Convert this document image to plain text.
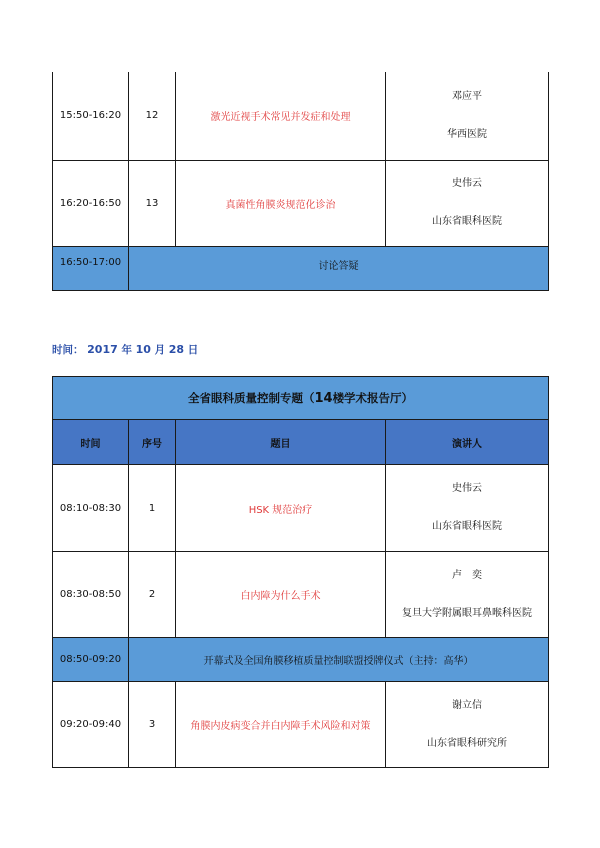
15:50-16:20	12	激光近视手术常见并发症和处理	邓应平
华西医院

16:20-16:50	13	真菌性角膜炎规范化诊治	史伟云
山东省眼科医院

16:50-17:00	讨论答疑		
时间： 2017 年 10 月 28 日
全省眼科质量控制专题（14楼学术报告厅）			
时间	序号	题目	演讲人
08:10-08:30	1	HSK 规范治疗	史伟云
山东省眼科医院

08:30-08:50	2	白内障为什么手术	卢　奕
复旦大学附属眼耳鼻喉科医院

08:50-09:20	开幕式及全国角膜移植质量控制联盟授牌仪式（主持：高华）		
09:20-09:40	3	角膜内皮病变合并白内障手术风险和对策	谢立信
山东省眼科研究所
